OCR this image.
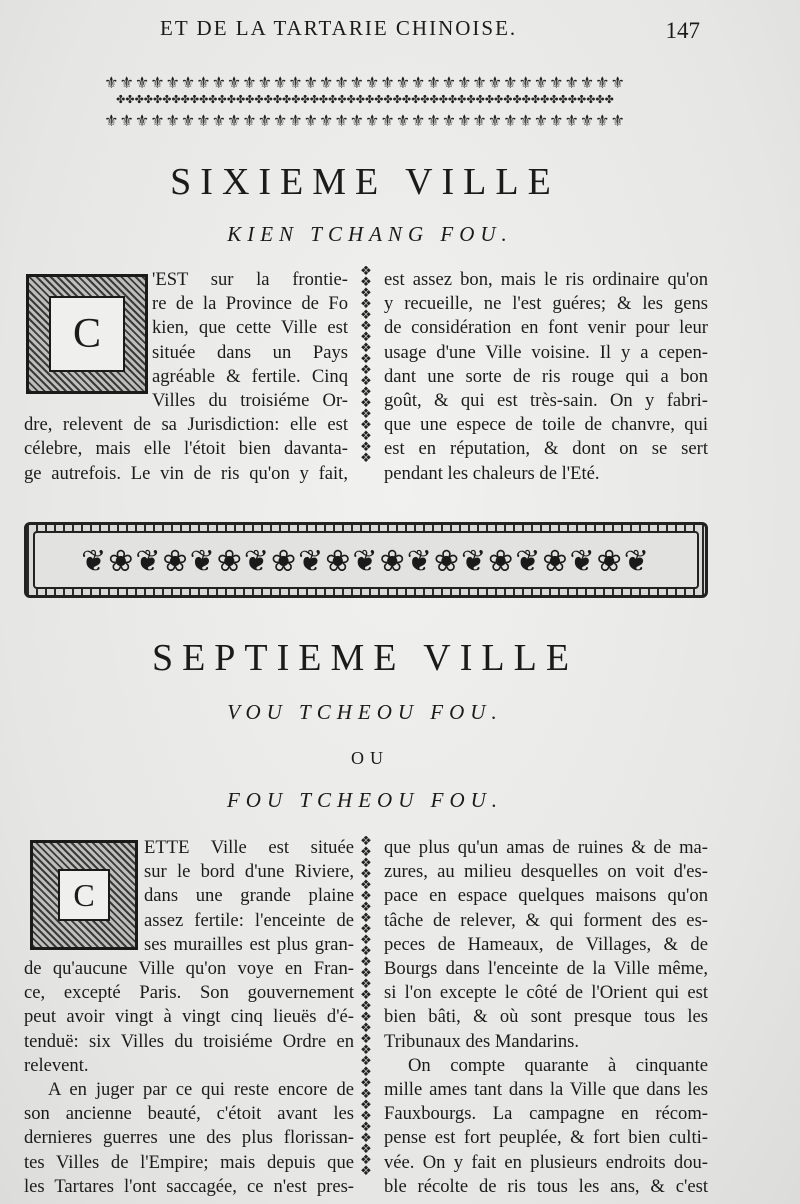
ET DE LA TARTARIE CHINOISE.	147
⚜⚜⚜⚜⚜⚜⚜⚜⚜⚜⚜⚜⚜⚜⚜⚜⚜⚜⚜⚜⚜⚜⚜⚜⚜⚜⚜⚜⚜⚜⚜⚜⚜⚜
✤✤✤✤✤✤✤✤✤✤✤✤✤✤✤✤✤✤✤✤✤✤✤✤✤✤✤✤✤✤✤✤✤✤✤✤✤✤✤✤✤✤✤✤✤✤✤✤✤✤✤✤✤✤
⚜⚜⚜⚜⚜⚜⚜⚜⚜⚜⚜⚜⚜⚜⚜⚜⚜⚜⚜⚜⚜⚜⚜⚜⚜⚜⚜⚜⚜⚜⚜⚜⚜⚜
SIXIEME VILLE
KIEN TCHANG FOU.
C
'EST sur la frontie-
re de la Province de Fo
kien, que cette Ville est
située dans un Pays
agréable & fertile. Cinq
Villes du troisiéme Or-
dre, relevent de sa Jurisdiction: elle est
célebre, mais elle l'étoit bien davanta-
ge autrefois. Le vin de ris qu'on y fait,
❖❖❖❖❖❖❖❖❖❖❖❖❖❖❖❖❖❖
est assez bon, mais le ris ordinaire qu'on
y recueille, ne l'est guéres; & les gens
de considération en font venir pour leur
usage d'une Ville voisine. Il y a cepen-
dant une sorte de ris rouge qui a bon
goût, & qui est très-sain. On y fabri-
que une espece de toile de chanvre, qui
est en réputation, & dont on se sert
pendant les chaleurs de l'Eté.
❦❀❦❀❦❀❦❀❦❀❦❀❦❀❦❀❦❀❦❀❦
SEPTIEME VILLE
VOU TCHEOU FOU.
OU
FOU TCHEOU FOU.
C
ETTE Ville est située
sur le bord d'une Riviere,
dans une grande plaine
assez fertile: l'enceinte de
ses murailles est plus gran-
de qu'aucune Ville qu'on voye en Fran-
ce, excepté Paris. Son gouvernement
peut avoir vingt à vingt cinq lieuës d'é-
tenduë: six Villes du troisiéme Ordre en
relevent.
A en juger par ce qui reste encore de
son ancienne beauté, c'étoit avant les
dernieres guerres une des plus florissan-
tes Villes de l'Empire; mais depuis que
les Tartares l'ont saccagée, ce n'est pres-
❖❖❖❖❖❖❖❖❖❖❖❖❖❖❖❖❖❖❖❖❖❖❖❖❖❖❖❖❖❖❖
que plus qu'un amas de ruines & de ma-
zures, au milieu desquelles on voit d'es-
pace en espace quelques maisons qu'on
tâche de relever, & qui forment des es-
peces de Hameaux, de Villages, & de
Bourgs dans l'enceinte de la Ville même,
si l'on excepte le côté de l'Orient qui est
bien bâti, & où sont presque tous les
Tribunaux des Mandarins.
On compte quarante à cinquante
mille ames tant dans la Ville que dans les
Fauxbourgs. La campagne en récom-
pense est fort peuplée, & fort bien culti-
vée. On y fait en plusieurs endroits dou-
ble récolte de ris tous les ans, & c'est
